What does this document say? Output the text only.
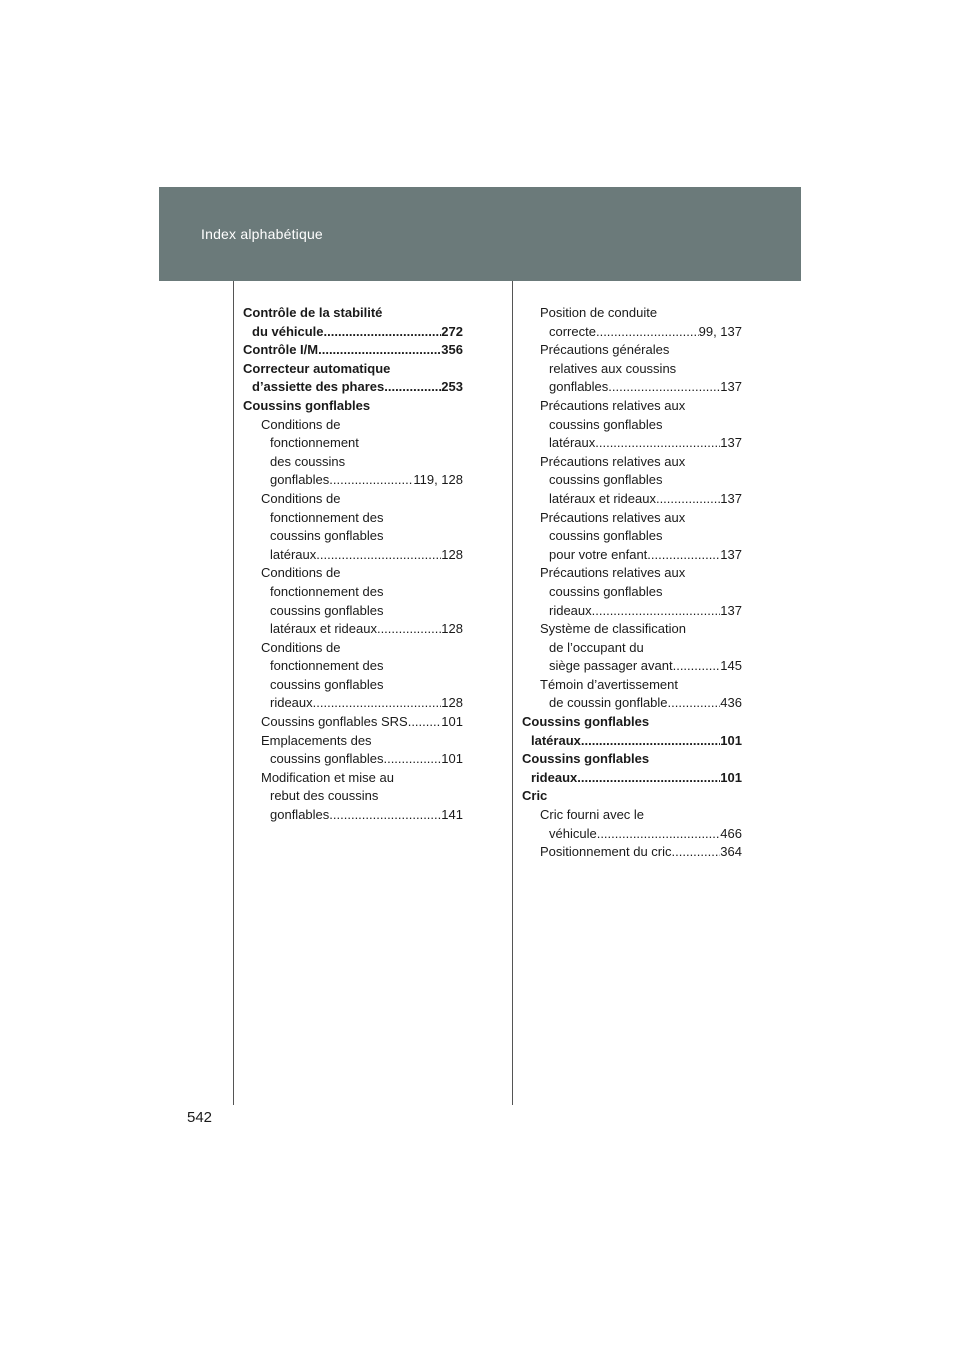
Index alphabétique
Contrôle de la stabilité
du véhicule .....	272
Contrôle I/M .....	356
Correcteur automatique
d’assiette des phares .....	253
Coussins gonflables
Conditions de
fonctionnement
des coussins
gonflables .....	119, 128
Conditions de
fonctionnement des
coussins gonflables
latéraux .....	128
Conditions de
fonctionnement des
coussins gonflables
latéraux et rideaux .....	128
Conditions de
fonctionnement des
coussins gonflables
rideaux .....	128
Coussins gonflables SRS .....	101
Emplacements des
coussins gonflables .....	101
Modification et mise au
rebut des coussins
gonflables .....	141
Position de conduite
correcte .....	99, 137
Précautions générales
relatives aux coussins
gonflables .....	137
Précautions relatives aux
coussins gonflables
latéraux .....	137
Précautions relatives aux
coussins gonflables
latéraux et rideaux .....	137
Précautions relatives aux
coussins gonflables
pour votre enfant .....	137
Précautions relatives aux
coussins gonflables
rideaux .....	137
Système de classification
de l’occupant du
siège passager avant .....	145
Témoin d’avertissement
de coussin gonflable .....	436
Coussins gonflables
latéraux .....	101
Coussins gonflables
rideaux .....	101
Cric
Cric fourni avec le
véhicule .....	466
Positionnement du cric .....	364
542
